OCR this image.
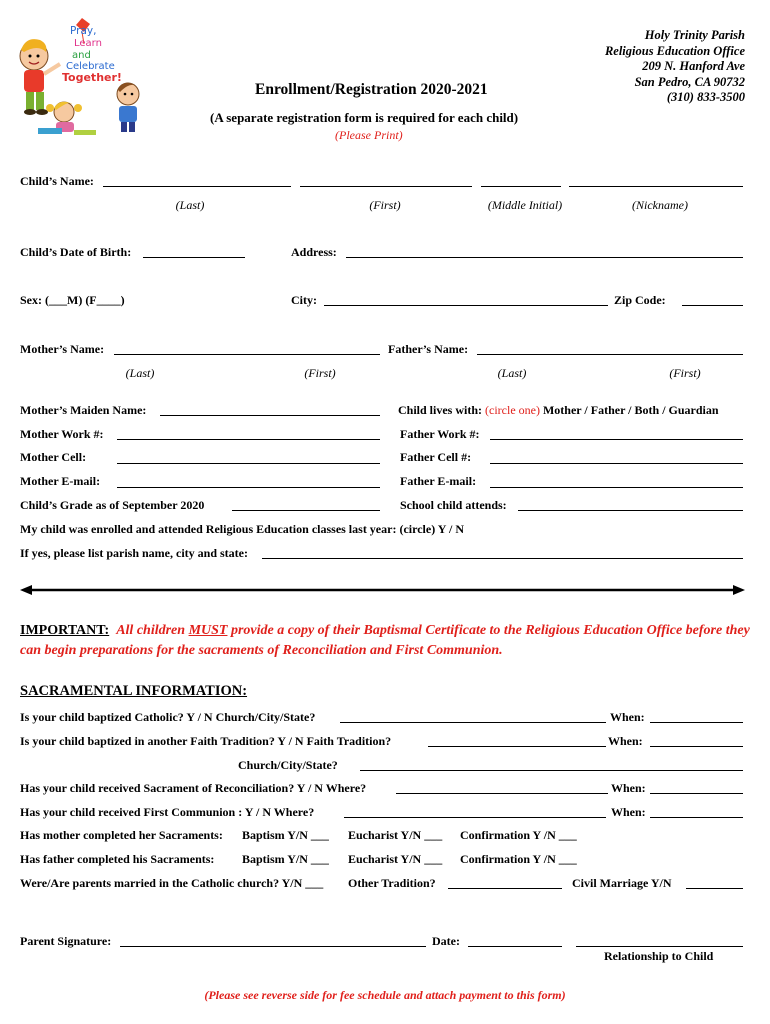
Pray,
Learn
and
Celebrate
Together!
Enrollment/Registration 2020-2021
(A separate registration form is required for each child)
(Please Print)
Holy Trinity Parish
Religious Education Office
209 N. Hanford Ave
San Pedro, CA 90732
(310) 833-3500
Child’s Name:
(Last)	(First)	(Middle Initial)	(Nickname)
Child’s Date of Birth:	Address:
Sex: (___M) (F____)	City:	Zip Code:
Mother’s Name:	Father’s Name:
(Last)	(First)	(Last)	(First)
Mother’s Maiden Name:	Child lives with: (circle one) Mother / Father / Both / Guardian
Mother Work #:	Father Work #:
Mother Cell:	Father Cell #:
Mother E-mail:	Father E-mail:
Child’s Grade as of September 2020	School child attends:
My child was enrolled and attended Religious Education classes last year: (circle) Y / N
If yes, please list parish name, city and state:
IMPORTANT: All children MUST provide a copy of their Baptismal Certificate to the Religious Education Office before they can begin preparations for the sacraments of Reconciliation and First Communion.
SACRAMENTAL INFORMATION:
Is your child baptized Catholic? Y / N Church/City/State?	When:
Is your child baptized in another Faith Tradition? Y / N Faith Tradition?	When:
Church/City/State?
Has your child received Sacrament of Reconciliation? Y / N Where?	When:
Has your child received First Communion : Y / N Where?	When:
Has mother completed her Sacraments: Baptism Y/N ___ Eucharist Y/N ___ Confirmation Y /N ___
Has father completed his Sacraments: Baptism Y/N ___ Eucharist Y/N ___ Confirmation Y /N ___
Were/Are parents married in the Catholic church? Y/N ___ Other Tradition?	Civil Marriage Y/N
Parent Signature:	Date:
Relationship to Child
(Please see reverse side for fee schedule and attach payment to this form)
